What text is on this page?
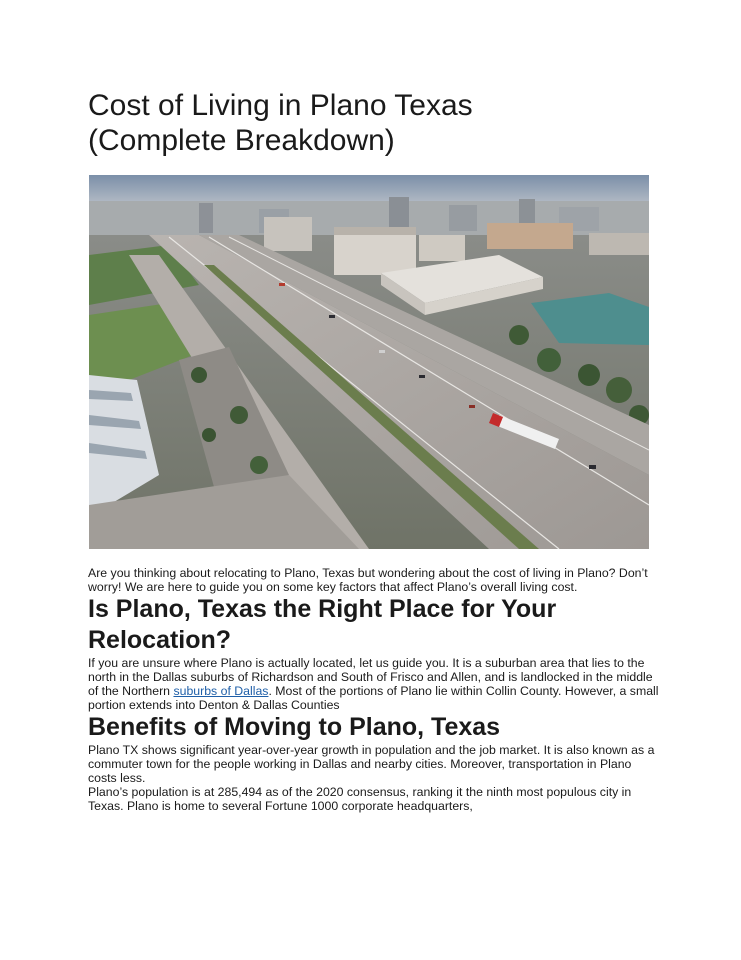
Cost of Living in Plano Texas
(Complete Breakdown)

Are you thinking about relocating to Plano, Texas but wondering about the cost of living in Plano? Don’t worry! We are here to guide you on some key factors that affect Plano’s overall living cost.

Is Plano, Texas the Right Place for Your Relocation?

If you are unsure where Plano is actually located, let us guide you. It is a suburban area that lies to the north in the Dallas suburbs of Richardson and South of Frisco and Allen, and is landlocked in the middle of the Northern suburbs of Dallas. Most of the portions of Plano lie within Collin County. However, a small portion extends into Denton & Dallas Counties

Benefits of Moving to Plano, Texas

Plano TX shows significant year-over-year growth in population and the job market. It is also known as a commuter town for the people working in Dallas and nearby cities. Moreover, transportation in Plano costs less.

Plano’s population is at 285,494 as of the 2020 consensus, ranking it the ninth most populous city in Texas. Plano is home to several Fortune 1000 corporate headquarters,
